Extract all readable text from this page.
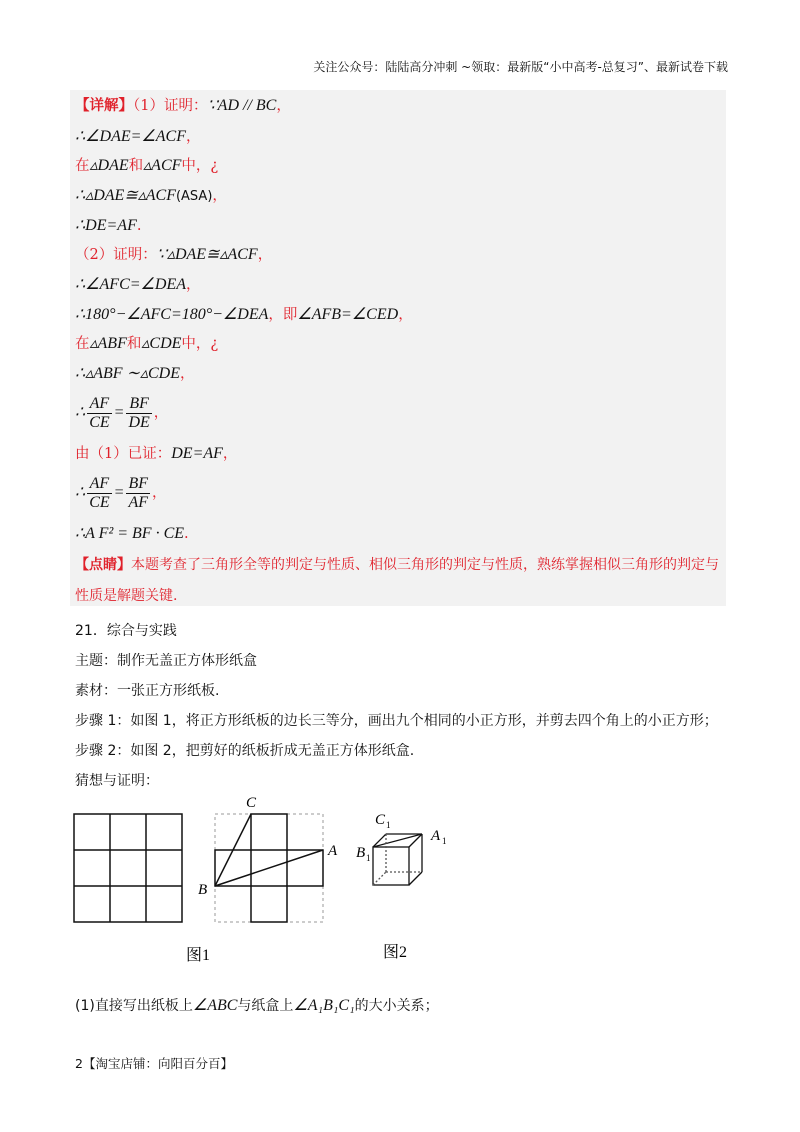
关注公众号：陆陆高分冲刺 ~领取：最新版“小中高考-总复习”、最新试卷下载
【详解】（1）证明：∵AD // BC，
∴∠DAE=∠ACF，
在▵DAE和▵ACF中，¿
∴▵DAE≅▵ACF(ASA)，
∴DE=AF.
（2）证明：∵▵DAE≅▵ACF，
∴∠AFC=∠DEA，
∴180°−∠AFC=180°−∠DEA，即∠AFB=∠CED，
在▵ABF和▵CDE中，¿
∴▵ABF ∼▵CDE，
∴ $\frac{AF}{CE} = \frac{BF}{DE}$ ，
由（1）已证：DE=AF，
∴ $\frac{AF}{CE} = \frac{BF}{AF}$ ，
∴A F² = BF · CE.
【点睛】本题考查了三角形全等的判定与性质、相似三角形的判定与性质，熟练掌握相似三角形的判定与
性质是解题关键.
21．综合与实践
主题：制作无盖正方体形纸盒
素材：一张正方形纸板.
步骤 1：如图 1，将正方形纸板的边长三等分，画出九个相同的小正方形，并剪去四个角上的小正方形；
步骤 2：如图 2，把剪好的纸板折成无盖正方体形纸盒.
猜想与证明：
C
A
B
C 1
A 1
B 1
图1	图2
(1)直接写出纸板上∠ABC与纸盒上∠A₁B₁C₁的大小关系；
2【淘宝店铺：向阳百分百】
